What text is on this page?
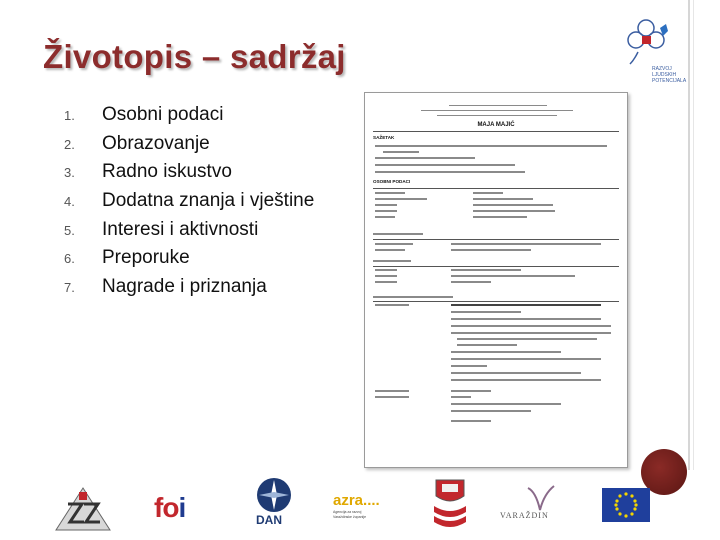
Životopis – sadržaj
1.	Osobni podaci
2.	Obrazovanje
3.	Radno iskustvo
4.	Dodatna znanja i vještine
5.	Interesi i aktivnosti
6.	Preporuke
7.	Nagrade i priznanja
MAJA MAJIĆ
SAŽETAK
OSOBNI PODACI
RAZVOJ
LJUDSKIH
POTENCIJALA
foi	DAN
azra....
Agencija za razvoj
Varaždinske županije	VARAŽDIN
